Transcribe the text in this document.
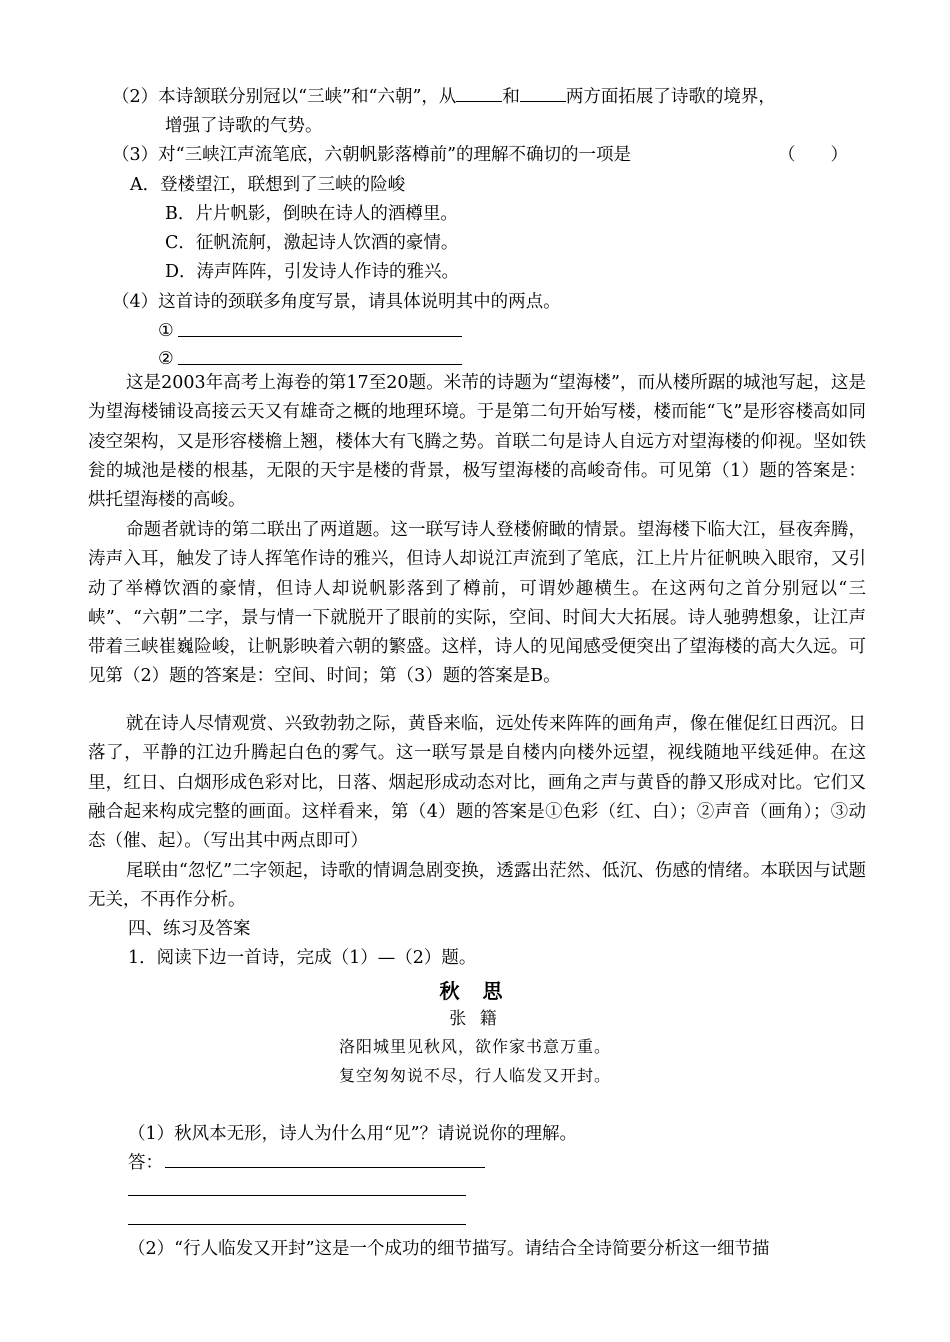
（2）本诗颔联分别冠以“三峡”和“六朝”，从	和	两方面拓展了诗歌的境界，
增强了诗歌的气势。
（3）对“三峡江声流笔底，六朝帆影落樽前”的理解不确切的一项是	（　　）
A．登楼望江，联想到了三峡的险峻
B．片片帆影，倒映在诗人的酒樽里。
C．征帆流舸，激起诗人饮酒的豪情。
D．涛声阵阵，引发诗人作诗的雅兴。
（4）这首诗的颈联多角度写景，请具体说明其中的两点。
①
②
这是2003年高考上海卷的第17至20题。米芾的诗题为“望海楼”，而从楼所踞的城池写起，这是为望海楼铺设高接云天又有雄奇之概的地理环境。于是第二句开始写楼，楼而能“飞”是形容楼高如同凌空架构，又是形容楼檐上翘，楼体大有飞腾之势。首联二句是诗人自远方对望海楼的仰视。坚如铁瓮的城池是楼的根基，无限的天宇是楼的背景，极写望海楼的高峻奇伟。可见第（1）题的答案是：烘托望海楼的高峻。
命题者就诗的第二联出了两道题。这一联写诗人登楼俯瞰的情景。望海楼下临大江，昼夜奔腾，涛声入耳，触发了诗人挥笔作诗的雅兴，但诗人却说江声流到了笔底，江上片片征帆映入眼帘，又引动了举樽饮酒的豪情，但诗人却说帆影落到了樽前，可谓妙趣横生。在这两句之首分别冠以“三峡”、“六朝”二字，景与情一下就脱开了眼前的实际，空间、时间大大拓展。诗人驰骋想象，让江声带着三峡崔巍险峻，让帆影映着六朝的繁盛。这样，诗人的见闻感受便突出了望海楼的高大久远。可见第（2）题的答案是：空间、时间；第（3）题的答案是B。
就在诗人尽情观赏、兴致勃勃之际，黄昏来临，远处传来阵阵的画角声，像在催促红日西沉。日落了，平静的江边升腾起白色的雾气。这一联写景是自楼内向楼外远望，视线随地平线延伸。在这里，红日、白烟形成色彩对比，日落、烟起形成动态对比，画角之声与黄昏的静又形成对比。它们又融合起来构成完整的画面。这样看来，第（4）题的答案是①色彩（红、白）；②声音（画角）；③动态（催、起）。（写出其中两点即可）
尾联由“忽忆”二字领起，诗歌的情调急剧变换，透露出茫然、低沉、伤感的情绪。本联因与试题无关，不再作分析。
四、练习及答案
1．阅读下边一首诗，完成（1）—（2）题。
秋 思
张 籍
洛阳城里见秋风，欲作家书意万重。
复空匆匆说不尽，行人临发又开封。
（1）秋风本无形，诗人为什么用“见”？请说说你的理解。
答：
（2）“行人临发又开封”这是一个成功的细节描写。请结合全诗简要分析这一细节描
